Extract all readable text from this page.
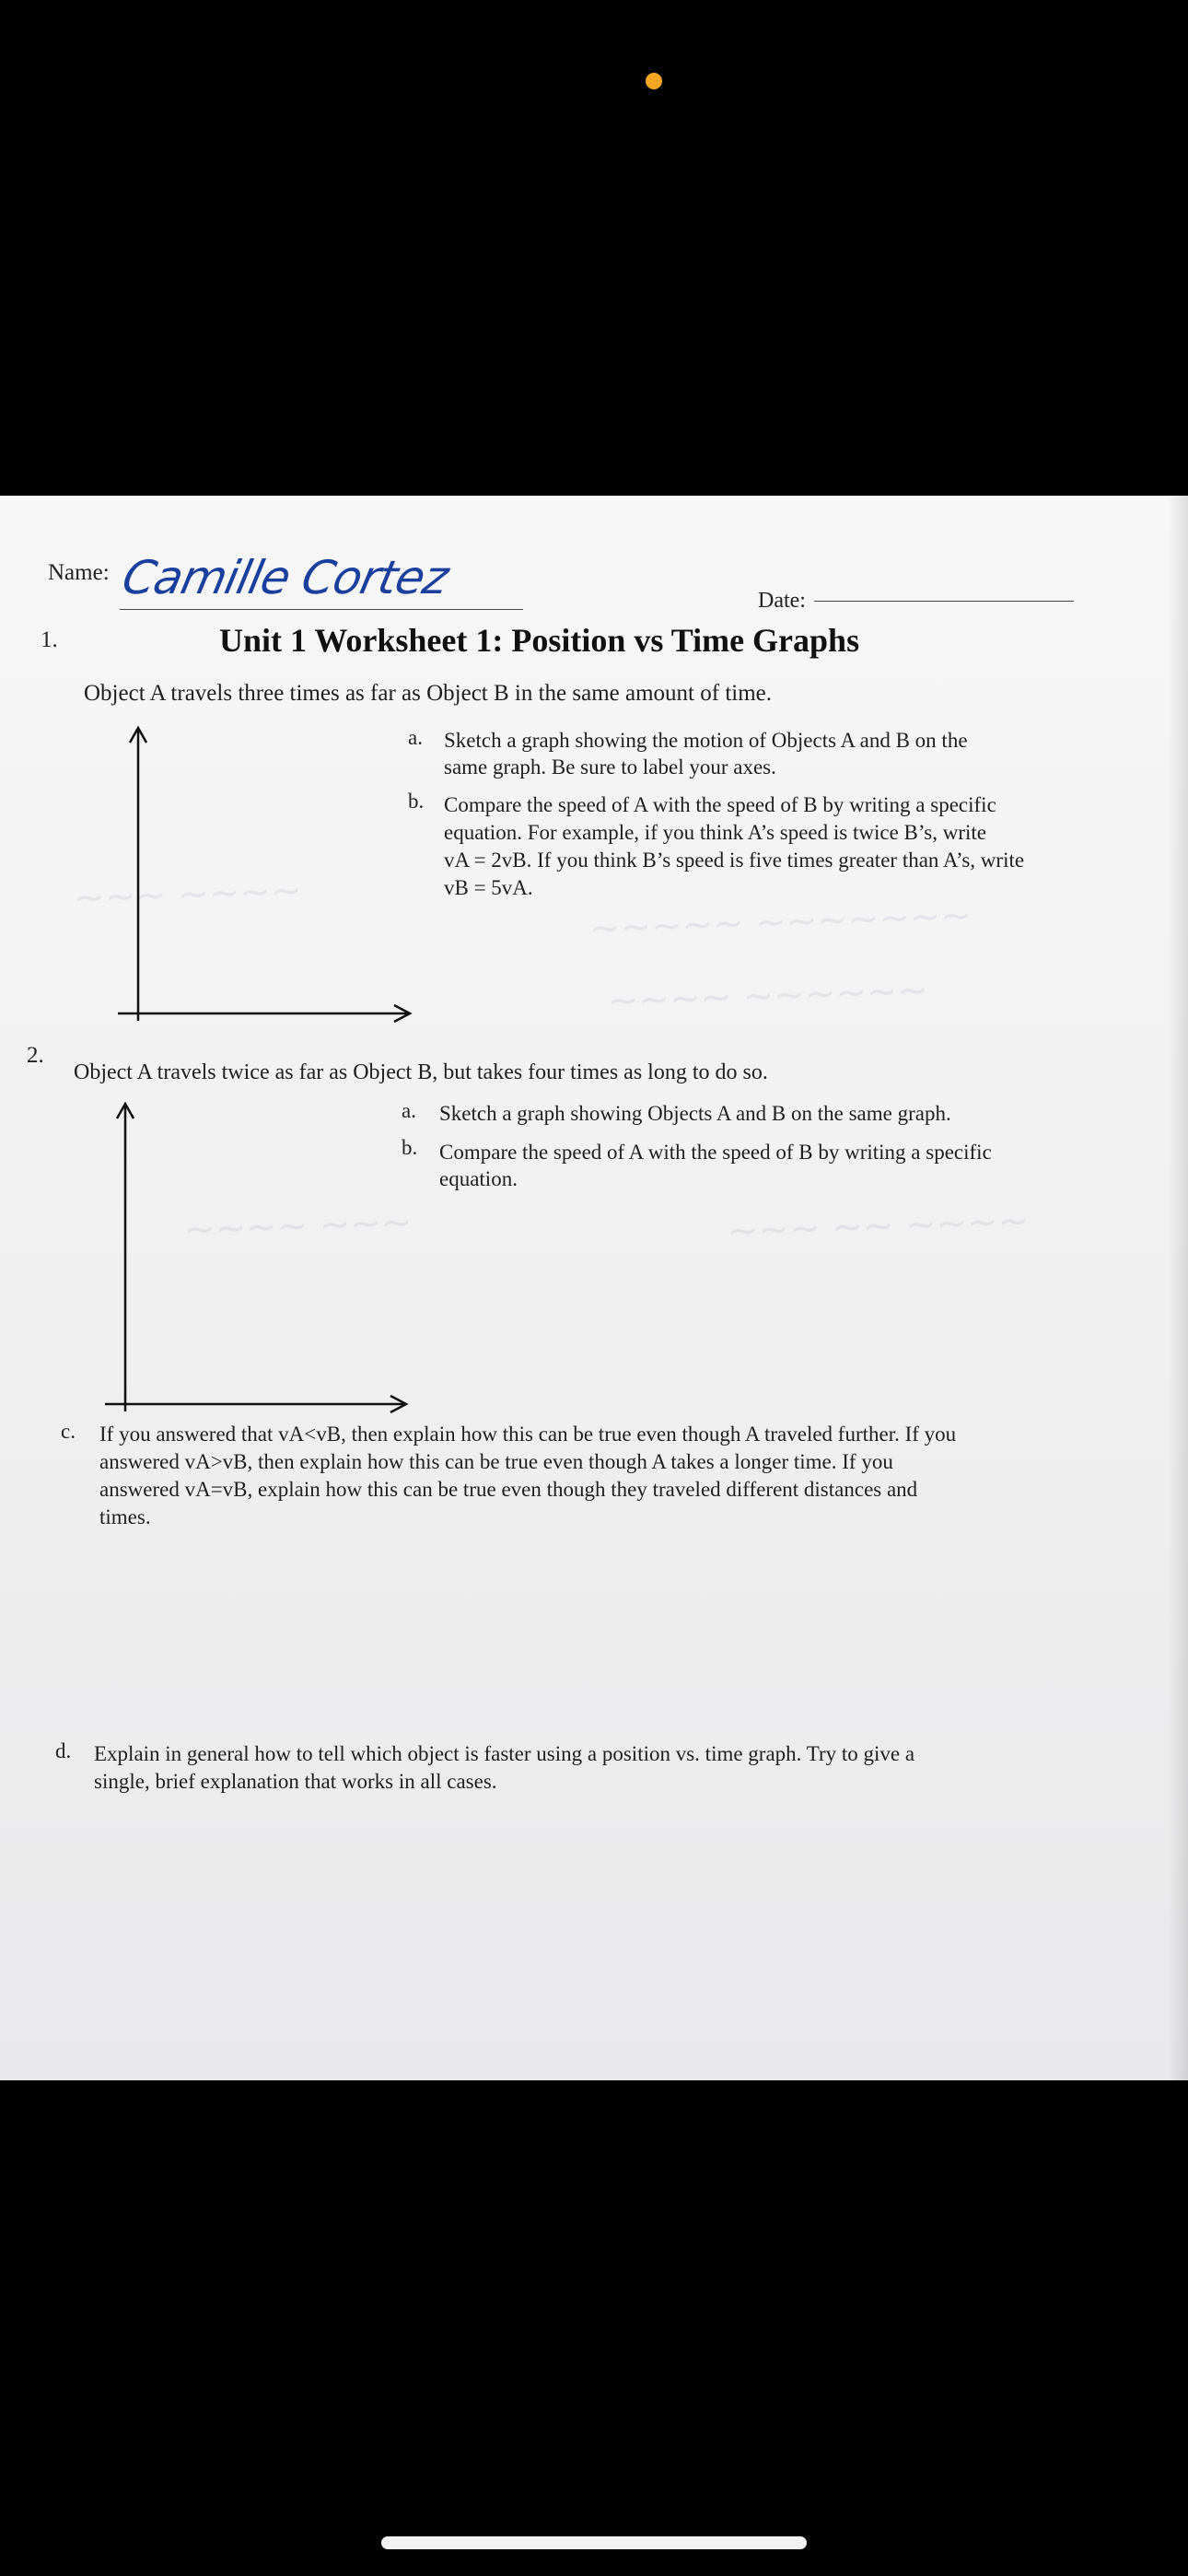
~~~ ~~~~	~~~~~ ~~~~~~~
~~~~ ~~~~~~
~~~~ ~~~	~~~ ~~ ~~~~
Name: Camille Cortez	Date:
Unit 1 Worksheet 1: Position vs Time Graphs
1.
Object A travels three times as far as Object B in the same amount of time.
a. Sketch a graph showing the motion of Objects A and B on the
same graph. Be sure to label your axes.
b. Compare the speed of A with the speed of B by writing a specific
equation. For example, if you think A’s speed is twice B’s, write
vA = 2vB. If you think B’s speed is five times greater than A’s, write
vB = 5vA.
2.
Object A travels twice as far as Object B, but takes four times as long to do so.
a. Sketch a graph showing Objects A and B on the same graph.
b. Compare the speed of A with the speed of B by writing a specific
equation.
c. If you answered that vA<vB, then explain how this can be true even though A traveled further. If you
answered vA>vB, then explain how this can be true even though A takes a longer time. If you
answered vA=vB, explain how this can be true even though they traveled different distances and
times.
d. Explain in general how to tell which object is faster using a position vs. time graph. Try to give a
single, brief explanation that works in all cases.
